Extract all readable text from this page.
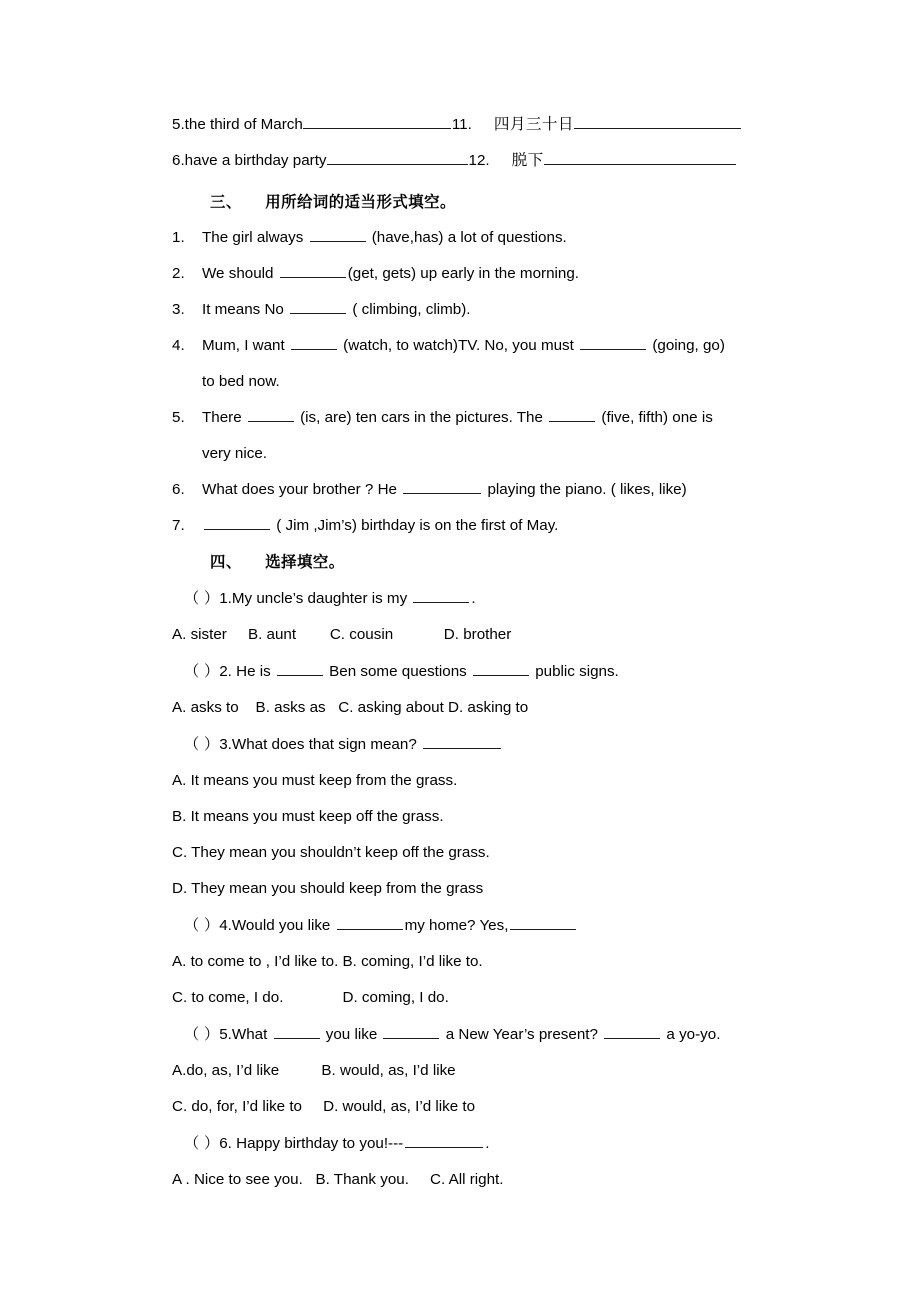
5. the third of March	11. 四月三十日
6. have a birthday party	12. 脱下
三、    用所给词的适当形式填空。
1. The girl always	(have,has) a lot of questions.
2. We should	(get, gets) up early in the morning.
3. It means No	( climbing, climb).
4. Mum, I want	(watch, to watch)TV. No, you must	(going, go)
to bed now.
5. There	(is, are) ten cars in the pictures. The	(five, fifth) one is
very nice.
6. What does your brother ? He	playing the piano. ( likes, like)
7.	( Jim ,Jim’s) birthday is on the first of May.
四、    选择填空。
（ ）1.My uncle’s daughter is my	.
A. sister     B. aunt        C. cousin            D. brother
（ ）2. He is	Ben some questions	public signs.
A. asks to    B. asks as   C. asking about D. asking to
（ ）3.What does that sign mean?
A. It means you must keep from the grass.
B. It means you must keep off the grass.
C. They mean you shouldn’t keep off the grass.
D. They mean you should keep from the grass
（ ）4.Would you like	my home? Yes,
A. to come to , I’d like to. B. coming, I’d like to.
C. to come, I do.              D. coming, I do.
（ ）5.What	you like	a New Year’s present?	a yo-yo.
A.do, as, I’d like          B. would, as, I’d like
C. do, for, I’d like to     D. would, as, I’d like to
（ ）6. Happy birthday to you!---	.
A . Nice to see you.   B. Thank you.     C. All right.
